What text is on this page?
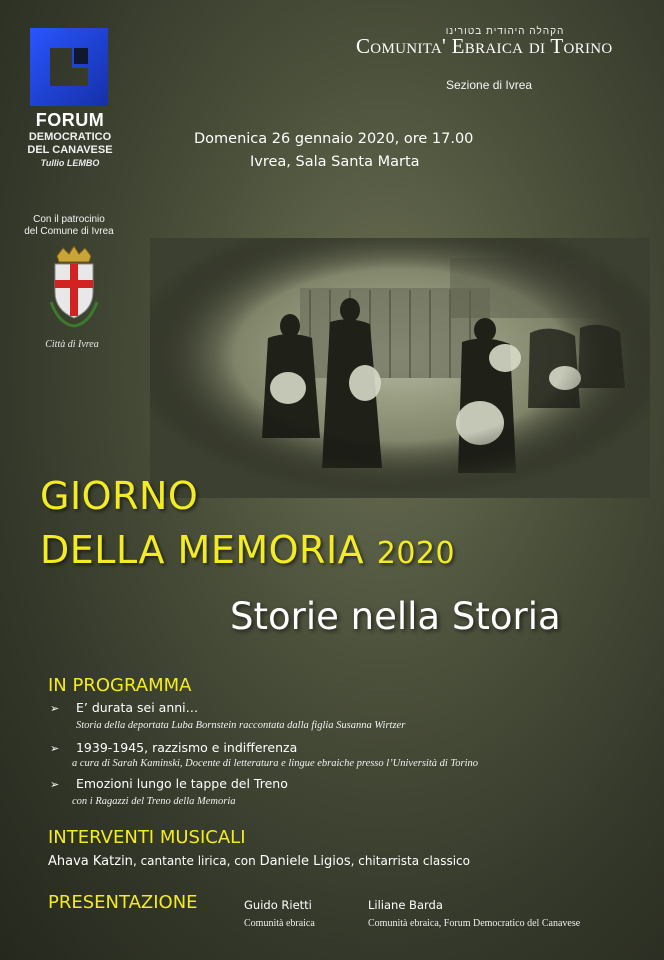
FORUM
DEMOCRATICO
DEL CANAVESE
Tullio LEMBO
Con il patrocinio
del Comune di Ivrea
Città di Ivrea
הקהלה היהודית בטורינו
Comunita' Ebraica di Torino
Sezione di Ivrea
Domenica 26 gennaio 2020, ore 17.00
Ivrea, Sala Santa Marta
GIORNO
DELLA MEMORIA 2020
Storie nella Storia
IN PROGRAMMA
➢ E’ durata sei anni…
Storia della deportata Luba Bornstein raccontata dalla figlia Susanna Wirtzer
➢ 1939-1945, razzismo e indifferenza
a cura di Sarah Kaminski, Docente di letteratura e lingue ebraiche presso l’Università di Torino
➢ Emozioni lungo le tappe del Treno
con i Ragazzi del Treno della Memoria
INTERVENTI MUSICALI
Ahava Katzin, cantante lirica, con Daniele Ligios, chitarrista classico
PRESENTAZIONE	Guido Rietti
Comunità ebraica
Liliane Barda
Comunità ebraica, Forum Democratico del Canavese
